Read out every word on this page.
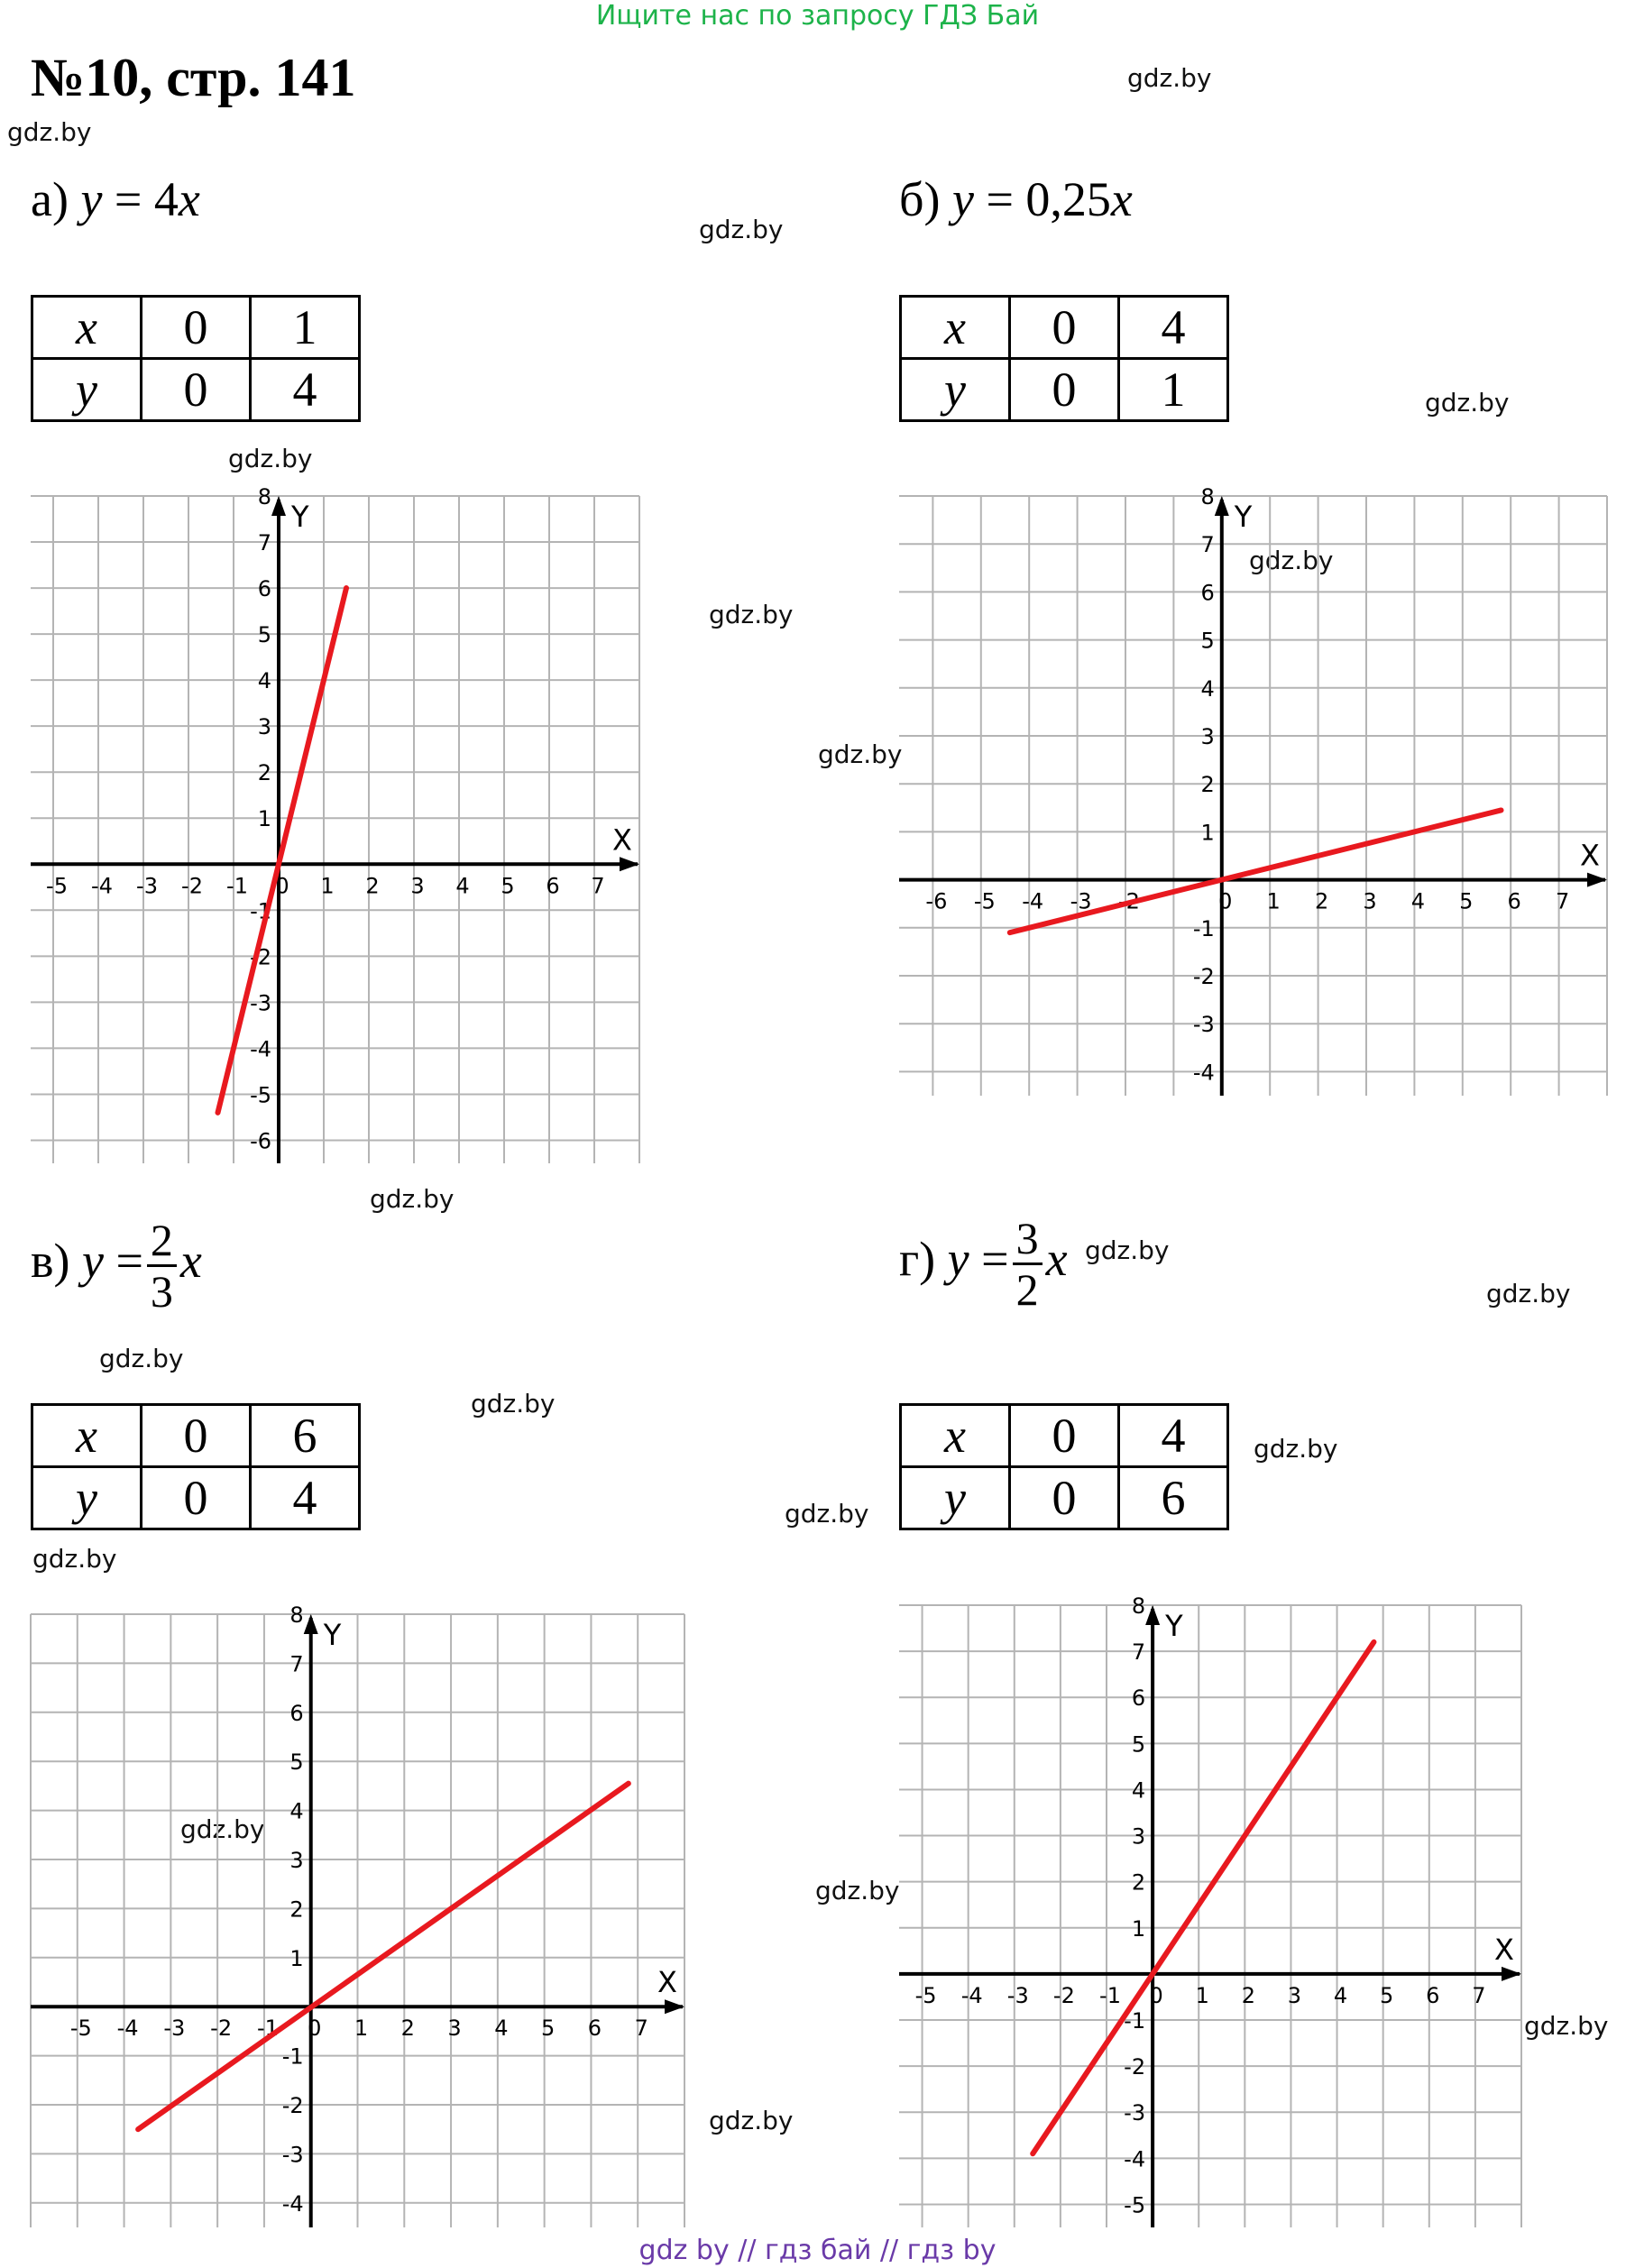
Ищите нас по запросу ГДЗ Бай
№10, стр. 141
gdz.by
gdz.by
gdz.by
gdz.by
gdz.by
gdz.by
gdz.by
gdz.by
gdz.by
gdz.by
gdz.by
gdz.by
gdz.by
gdz.by
gdz.by
gdz.by
gdz.by
gdz.by
gdz.by
gdz.by
а) y = 4x	б) y = 0,25x
в) $y = \frac{2}{3}$ x	г) $y = \frac{3}{2}$ x
x	0	1
y	0	4
x	0	4
y	0	1
x	0	6
y	0	4
x	0	4
y	0	6
X
Y
-5 -4 -3 -2 -1 0 1 2 3 4 5 6 7
8
7
6
5
4
3
2
1
-1
-2
-3
-4
-5
-6
X
Y
-6 -5 -4 -3 -2	0 1 2 3 4 5 6 7
8
7
6
5
4
3
2
1
-1
-2
-3
-4
X
Y
-5 -4 -3 -2 -1 0 1 2 3 4 5 6 7
8
7
6
5
4
3
2
1
-1
-2
-3
-4
X
Y
-5 -4 -3 -2 -1 0 1 2 3 4 5 6 7
8
7
6
5
4
3
2
1
-1
-2
-3
-4
-5
gdz by // гдз бай // гдз by
